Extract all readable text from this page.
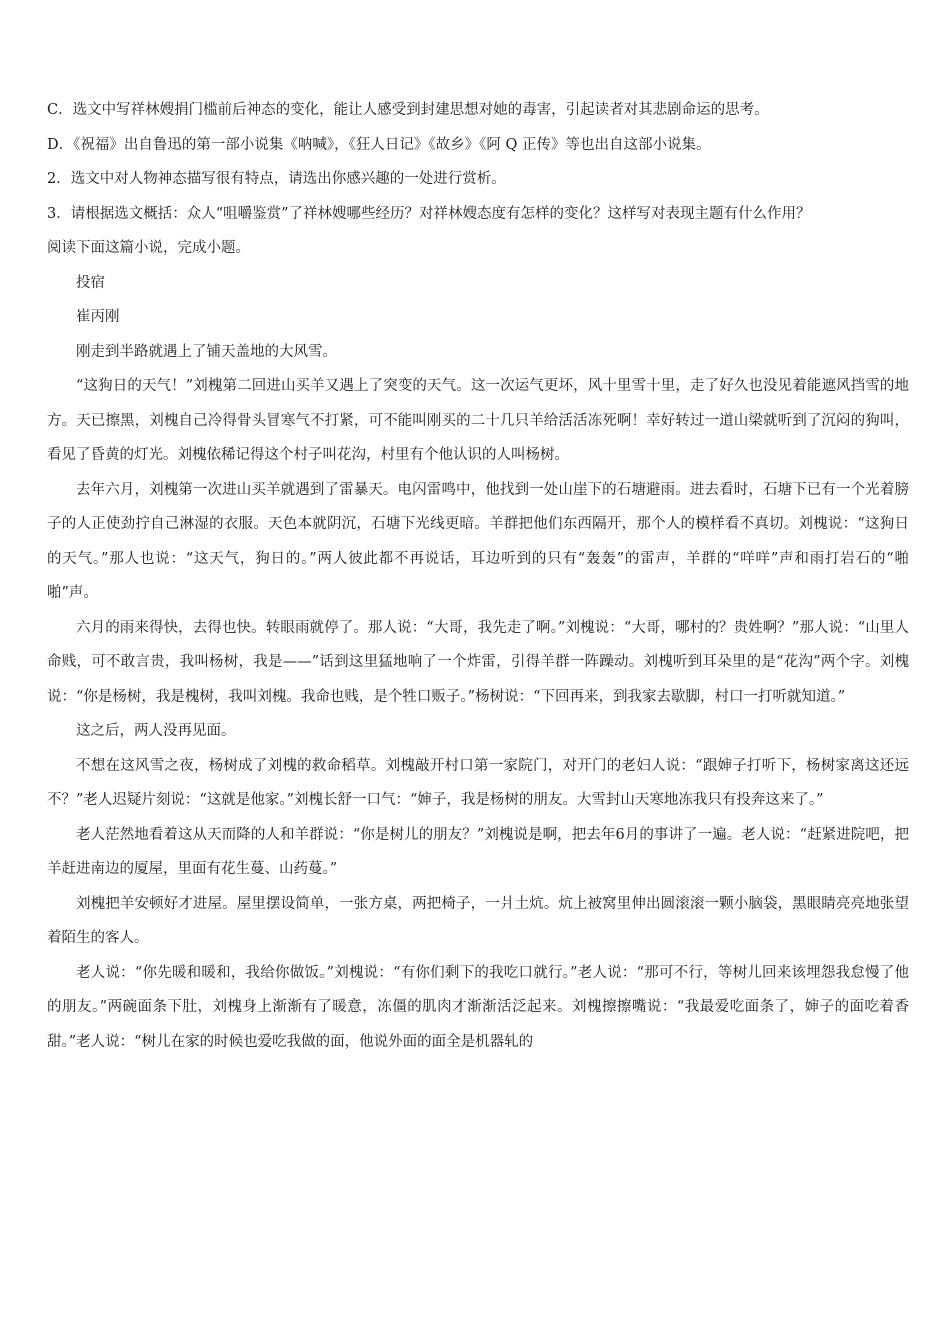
C．选文中写祥林嫂捐门槛前后神态的变化，能让人感受到封建思想对她的毒害，引起读者对其悲剧命运的思考。

D．《祝福》出自鲁迅的第一部小说集《呐喊》，《狂人日记》《故乡》《阿 Q 正传》等也出自这部小说集。

2．选文中对人物神态描写很有特点，请选出你感兴趣的一处进行赏析。

3．请根据选文概括：众人“咀嚼鉴赏”了祥林嫂哪些经历？对祥林嫂态度有怎样的变化？这样写对表现主题有什么作用？

阅读下面这篇小说，完成小题。

投宿

崔丙刚

刚走到半路就遇上了铺天盖地的大风雪。

“这狗日的天气！”刘槐第二回进山买羊又遇上了突变的天气。这一次运气更坏，风十里雪十里，走了好久也没见着能遮风挡雪的地方。天已擦黑，刘槐自己冷得骨头冒寒气不打紧，可不能叫刚买的二十几只羊给活活冻死啊！幸好转过一道山梁就听到了沉闷的狗叫，看见了昏黄的灯光。刘槐依稀记得这个村子叫花沟，村里有个他认识的人叫杨树。

去年六月，刘槐第一次进山买羊就遇到了雷暴天。电闪雷鸣中，他找到一处山崖下的石塘避雨。进去看时，石塘下已有一个光着膀子的人正使劲拧自己淋湿的衣服。天色本就阴沉，石塘下光线更暗。羊群把他们东西隔开，那个人的模样看不真切。刘槐说：“这狗日的天气。”那人也说：“这天气，狗日的。”两人彼此都不再说话，耳边听到的只有“轰轰”的雷声，羊群的“咩咩”声和雨打岩石的“啪啪”声。

六月的雨来得快，去得也快。转眼雨就停了。那人说：“大哥，我先走了啊。”刘槐说：“大哥，哪村的？贵姓啊？”那人说：“山里人命贱，可不敢言贵，我叫杨树，我是——”话到这里猛地响了一个炸雷，引得羊群一阵躁动。刘槐听到耳朵里的是“花沟”两个字。刘槐说：“你是杨树，我是槐树，我叫刘槐。我命也贱，是个牲口贩子。”杨树说：“下回再来，到我家去歇脚，村口一打听就知道。”

这之后，两人没再见面。

不想在这风雪之夜，杨树成了刘槐的救命稻草。刘槐敲开村口第一家院门，对开门的老妇人说：“跟婶子打听下，杨树家离这还远不？”老人迟疑片刻说：“这就是他家。”刘槐长舒一口气：“婶子，我是杨树的朋友。大雪封山天寒地冻我只有投奔这来了。”

老人茫然地看着这从天而降的人和羊群说：“你是树儿的朋友？”刘槐说是啊，把去年6月的事讲了一遍。老人说：“赶紧进院吧，把羊赶进南边的厦屋，里面有花生蔓、山药蔓。”

刘槐把羊安顿好才进屋。屋里摆设简单，一张方桌，两把椅子，一爿土炕。炕上被窝里伸出圆滚滚一颗小脑袋，黑眼睛亮亮地张望着陌生的客人。

老人说：“你先暖和暖和，我给你做饭。”刘槐说：“有你们剩下的我吃口就行。”老人说：“那可不行，等树儿回来该埋怨我怠慢了他的朋友。”两碗面条下肚，刘槐身上渐渐有了暖意，冻僵的肌肉才渐渐活泛起来。刘槐擦擦嘴说：“我最爱吃面条了，婶子的面吃着香甜。”老人说：“树儿在家的时候也爱吃我做的面，他说外面的面全是机器轧的
